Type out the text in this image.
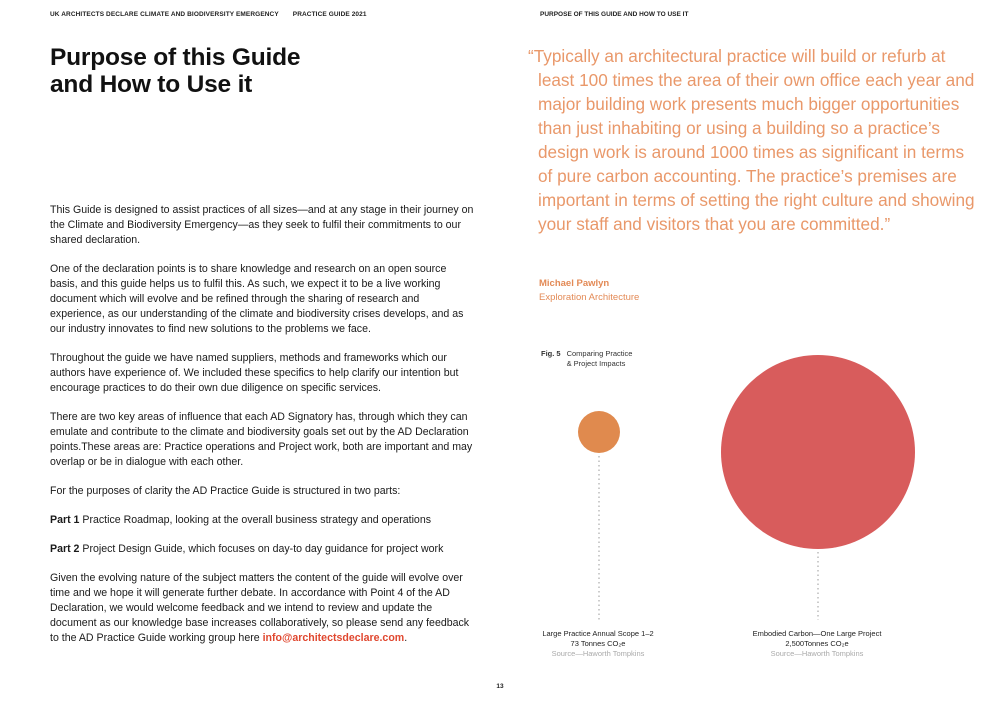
UK ARCHITECTS DECLARE CLIMATE AND BIODIVERSITY EMERGENCY PRACTICE GUIDE 2021	PURPOSE OF THIS GUIDE AND HOW TO USE IT
Purpose of this Guide
and How to Use it

This Guide is designed to assist practices of all sizes—and at any stage in their journey on the Climate and Biodiversity Emergency—as they seek to fulfil their commitments to our shared declaration.

One of the declaration points is to share knowledge and research on an open source basis, and this guide helps us to fulfil this. As such, we expect it to be a live working document which will evolve and be refined through the sharing of research and experience, as our understanding of the climate and biodiversity crises develops, and as our industry innovates to find new solutions to the problems we face.

Throughout the guide we have named suppliers, methods and frameworks which our authors have experience of. We included these specifics to help clarify our intention but encourage practices to do their own due diligence on specific services.

There are two key areas of influence that each AD Signatory has, through which they can emulate and contribute to the climate and biodiversity goals set out by the AD Declaration points.These areas are: Practice operations and Project work, both are important and may overlap or be in dialogue with each other.

For the purposes of clarity the AD Practice Guide is structured in two parts:

Part 1 Practice Roadmap, looking at the overall business strategy and operations

Part 2 Project Design Guide, which focuses on day-to day guidance for project work

Given the evolving nature of the subject matters the content of the guide will evolve over time and we hope it will generate further debate. In accordance with Point 4 of the AD Declaration, we would welcome feedback and we intend to review and update the document as our knowledge base increases collaboratively, so please send any feedback to the AD Practice Guide working group here info@architectsdeclare.com.

“Typically an architectural practice will build or refurb at least 100 times the area of their own office each year and major building work presents much bigger opportunities than just inhabiting or using a building so a practice’s design work is around 1000 times as significant in terms of pure carbon accounting. The practice’s premises are important in terms of setting the right culture and showing your staff and visitors that you are committed.”
Michael Pawlyn
Exploration Architecture
Fig. 5 Comparing Practice
& Project Impacts
Large Practice Annual Scope 1–2
73 Tonnes CO₂e
Source—Haworth Tompkins
Embodied Carbon—One Large Project
2,500Tonnes CO₂e
Source—Haworth Tompkins
13
